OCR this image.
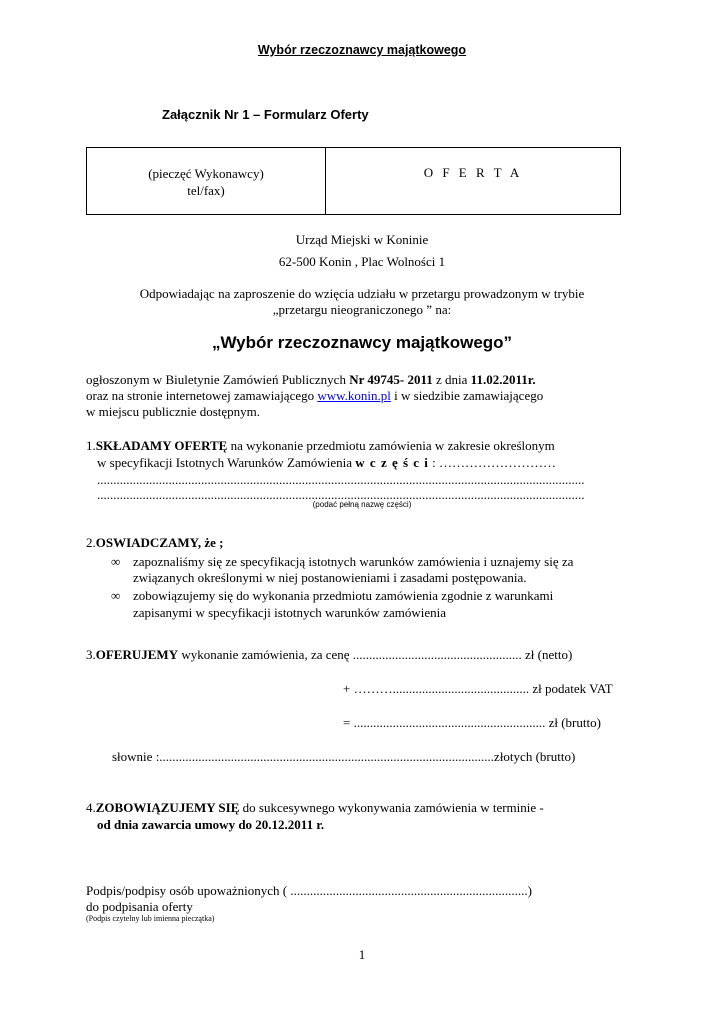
Wybór rzeczoznawcy majątkowego
Załącznik Nr 1 – Formularz Oferty
(pieczęć Wykonawcy)
tel/fax)
O F E R T A
Urząd Miejski w Koninie
62-500 Konin , Plac Wolności 1
Odpowiadając na zaproszenie do wzięcia udziału w przetargu prowadzonym w trybie
„przetargu nieograniczonego ” na:
„Wybór rzeczoznawcy majątkowego”
ogłoszonym w Biuletynie Zamówień Publicznych Nr 49745- 2011 z dnia 11.02.2011r.
oraz na stronie internetowej zamawiającego www.konin.pl i w siedzibie zamawiającego
w miejscu publicznie dostępnym.
1.SKŁADAMY OFERTĘ na wykonanie przedmiotu zamówienia w zakresie określonym
w specyfikacji Istotnych Warunków Zamówienia w c z ę ś c i : ………………………
......................................................................................................................................................
......................................................................................................................................................
(podać pełną nazwę części)
2.OSWIADCZAMY, że ;
∞ zapoznaliśmy się ze specyfikacją istotnych warunków zamówienia i uznajemy się za
związanych określonymi w niej postanowieniami i zasadami postępowania.
∞ zobowiązujemy się do wykonania przedmiotu zamówienia zgodnie z warunkami
zapisanymi w specyfikacji istotnych warunków zamówienia
3.OFERUJEMY wykonanie zamówienia, za cenę .................................................... zł (netto)
+ ……….......................................... zł podatek VAT
= ........................................................... zł (brutto)
słownie :.......................................................................................................złotych (brutto)
4.ZOBOWIĄZUJEMY SIĘ do sukcesywnego wykonywania zamówienia w terminie -
od dnia zawarcia umowy do 20.12.2011 r.
Podpis/podpisy osób upoważnionych ( .........................................................................)
do podpisania oferty
(Podpis czytelny lub imienna pieczątka)
1
